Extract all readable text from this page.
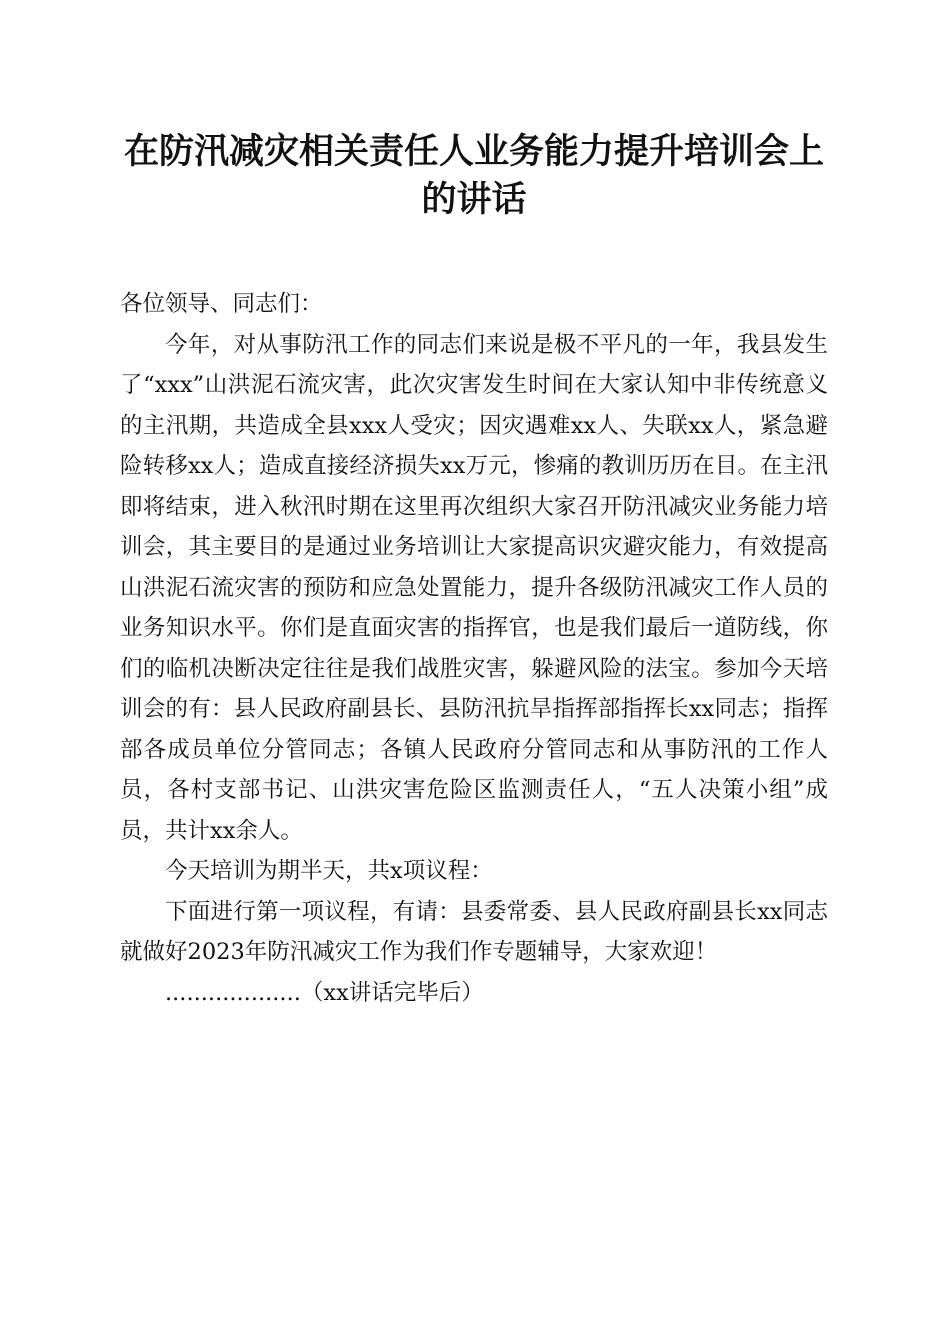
在防汛减灾相关责任人业务能力提升培训会上
的讲话

各位领导、同志们：

今年，对从事防汛工作的同志们来说是极不平凡的一年，我县发生了“xxx”山洪泥石流灾害，此次灾害发生时间在大家认知中非传统意义的主汛期，共造成全县xxx人受灾；因灾遇难xx人、失联xx人，紧急避险转移xx人；造成直接经济损失xx万元，惨痛的教训历历在目。在主汛即将结束，进入秋汛时期在这里再次组织大家召开防汛减灾业务能力培训会，其主要目的是通过业务培训让大家提高识灾避灾能力，有效提高山洪泥石流灾害的预防和应急处置能力，提升各级防汛减灾工作人员的业务知识水平。你们是直面灾害的指挥官，也是我们最后一道防线，你们的临机决断决定往往是我们战胜灾害，躲避风险的法宝。参加今天培训会的有：县人民政府副县长、县防汛抗旱指挥部指挥长xx同志；指挥部各成员单位分管同志；各镇人民政府分管同志和从事防汛的工作人员，各村支部书记、山洪灾害危险区监测责任人，“五人决策小组”成员，共计xx余人。

今天培训为期半天，共x项议程：

下面进行第一项议程，有请：县委常委、县人民政府副县长xx同志就做好2023年防汛减灾工作为我们作专题辅导，大家欢迎！

...................（xx讲话完毕后）
